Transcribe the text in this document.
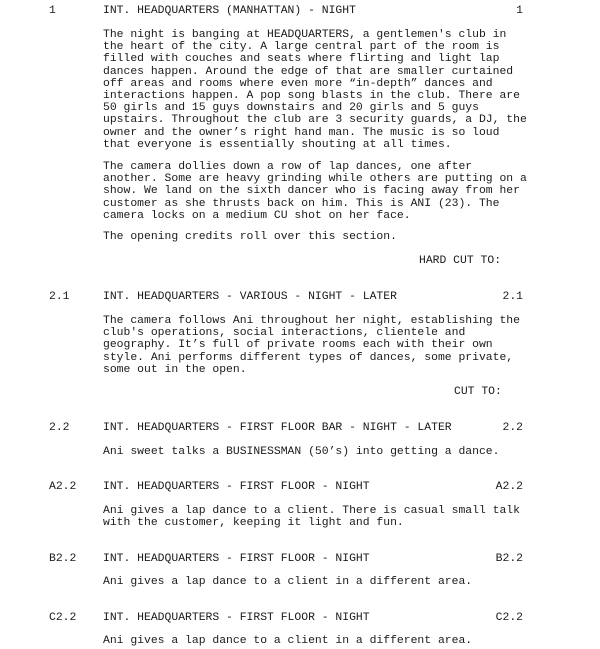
1	INT. HEADQUARTERS (MANHATTAN) - NIGHT	1
The night is banging at HEADQUARTERS, a gentlemen's club in the heart of the city. A large central part of the room is filled with couches and seats where flirting and light lap dances happen. Around the edge of that are smaller curtained off areas and rooms where even more “in-depth” dances and interactions happen. A pop song blasts in the club. There are 50 girls and 15 guys downstairs and 20 girls and 5 guys upstairs. Throughout the club are 3 security guards, a DJ, the owner and the owner’s right hand man. The music is so loud that everyone is essentially shouting at all times.
The camera dollies down a row of lap dances, one after another. Some are heavy grinding while others are putting on a show. We land on the sixth dancer who is facing away from her customer as she thrusts back on him. This is ANI (23). The camera locks on a medium CU shot on her face.
The opening credits roll over this section.
HARD CUT TO:
2.1	INT. HEADQUARTERS - VARIOUS - NIGHT - LATER	2.1
The camera follows Ani throughout her night, establishing the club's operations, social interactions, clientele and geography. It’s full of private rooms each with their own style. Ani performs different types of dances, some private, some out in the open.
CUT TO:
2.2	INT. HEADQUARTERS - FIRST FLOOR BAR - NIGHT - LATER	2.2
Ani sweet talks a BUSINESSMAN (50’s) into getting a dance.
A2.2 INT. HEADQUARTERS - FIRST FLOOR - NIGHT	A2.2
Ani gives a lap dance to a client. There is casual small talk with the customer, keeping it light and fun.
B2.2 INT. HEADQUARTERS - FIRST FLOOR - NIGHT	B2.2
Ani gives a lap dance to a client in a different area.
C2.2 INT. HEADQUARTERS - FIRST FLOOR - NIGHT	C2.2
Ani gives a lap dance to a client in a different area.
